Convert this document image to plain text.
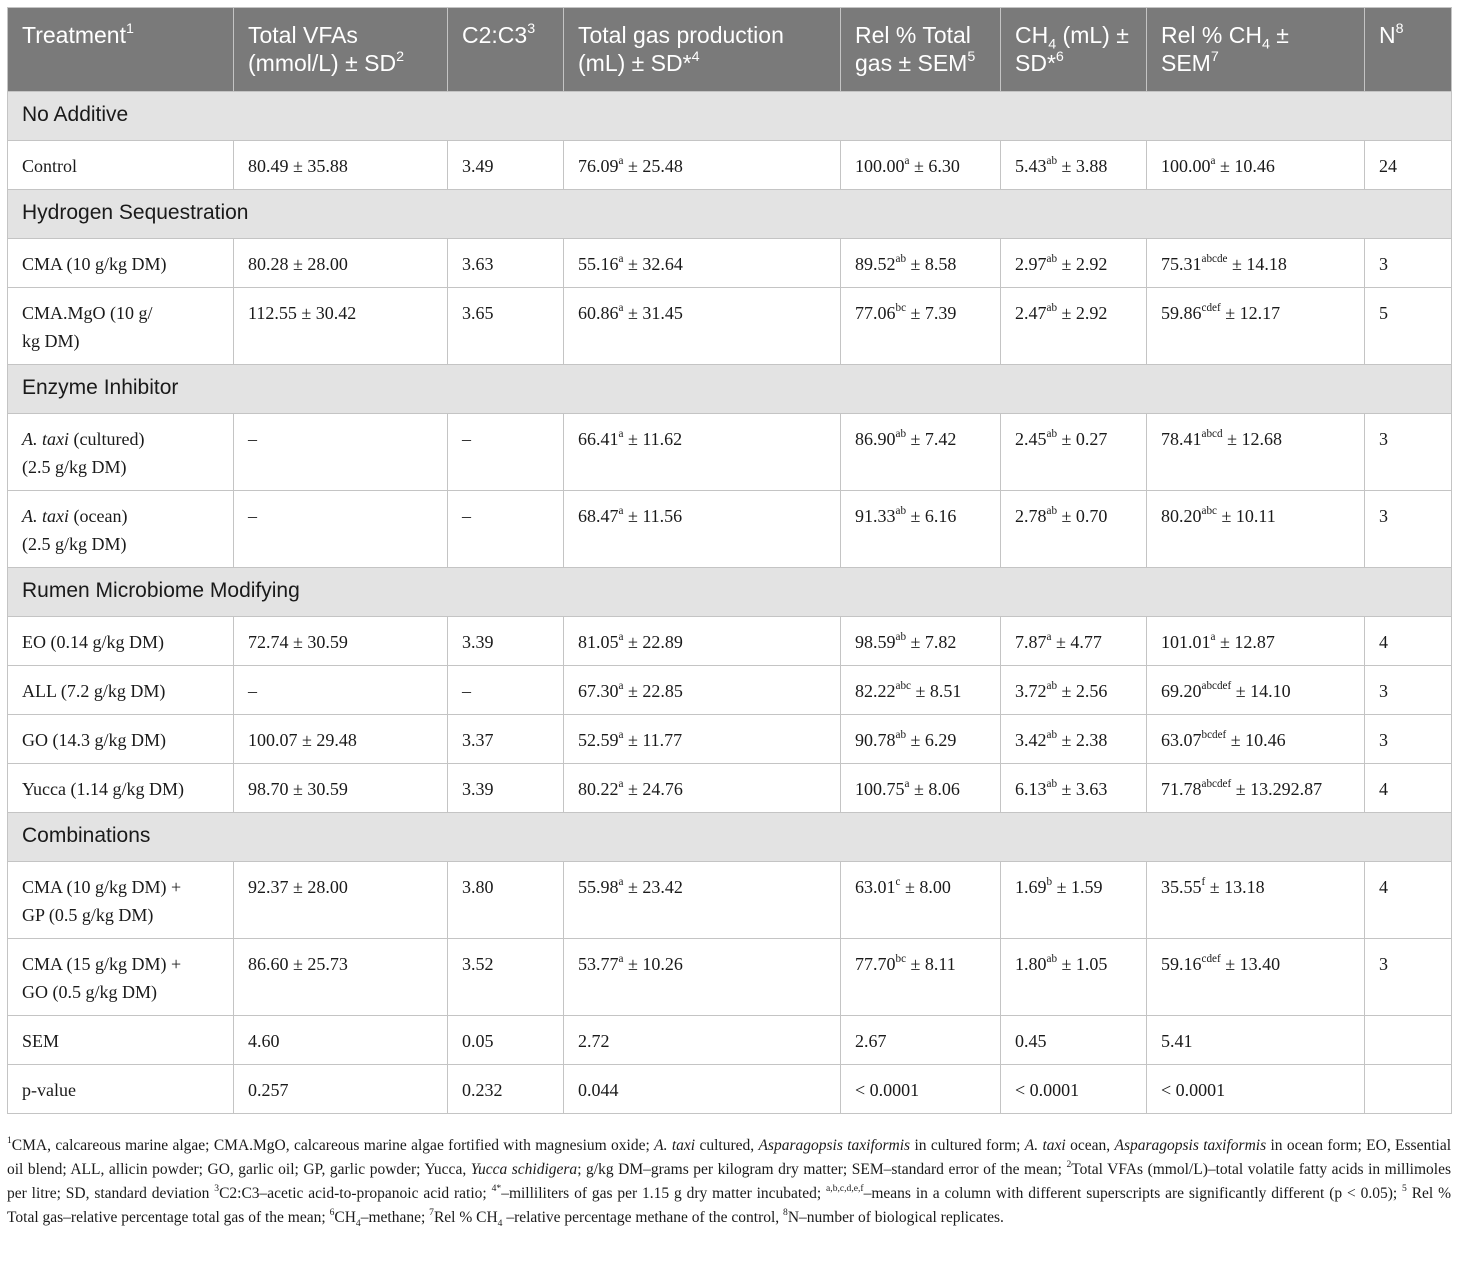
Treatment$^1$	Total VFAs (mmol/L) ± $SD^2$	$C2:C3^3$	Total gas production (mL) ± SD*$^4$	Rel % Total gas ± $SEM^5$	$CH_4$ (mL) ± SD*$^6$	Rel % $CH_4 \pm SEM^7$	$N^8$
No Additive							
Control	80.49 ± 35.88	3.49	76.09$^a$ ± 25.48	100.00$^a$ ± 6.30	5.43$^{ab}$ ± 3.88	100.00$^a$ ± 10.46	24
Hydrogen Sequestration							
CMA (10 g/kg DM)	80.28 ± 28.00	3.63	55.16$^a$ ± 32.64	89.52$^{ab}$ ± 8.58	2.97$^{ab}$ ± 2.92	$75.31^{abcde} \pm 14.18$	3
CMA.MgO (10 g/
kg DM)	112.55 ± 30.42	3.65	60.86$^a$ ± 31.45	77.06$^{bc}$ ± 7.39	2.47$^{ab}$ ± 2.92	$59.86^{cdef} \pm 12.17$	5
Enzyme Inhibitor							
A. taxi (cultured)
(2.5 g/kg DM)	–	–	66.41$^a$ ± 11.62	86.90$^{ab}$ ± 7.42	2.45$^{ab}$ ± 0.27	$78.41^{abcd} \pm 12.68$	3
A. taxi (ocean)
(2.5 g/kg DM)	–	–	68.47$^a$ ± 11.56	91.33$^{ab}$ ± 6.16	2.78$^{ab}$ ± 0.70	80.20$^{abc}$ ± 10.11	3
Rumen Microbiome Modifying							
EO (0.14 g/kg DM)	72.74 ± 30.59	3.39	81.05$^a$ ± 22.89	98.59$^{ab}$ ± 7.82	7.87$^a$ ± 4.77	101.01$^a$ ± 12.87	4
ALL (7.2 g/kg DM)	–	–	67.30$^a$ ± 22.85	82.22$^{abc}$ ± 8.51	3.72$^{ab}$ ± 2.56	$69.20^{abcdef} \pm 14.10$	3
GO (14.3 g/kg DM)	100.07 ± 29.48	3.37	52.59$^a$ ± 11.77	90.78$^{ab}$ ± 6.29	3.42$^{ab}$ ± 2.38	$63.07^{bcdef} \pm 10.46$	3
Yucca (1.14 g/kg DM)	98.70 ± 30.59	3.39	80.22$^a$ ± 24.76	100.75$^a$ ± 8.06	6.13$^{ab}$ ± 3.63	$71.78^{abcdef} \pm 13.292.87$	4
Combinations							
CMA (10 g/kg DM) +
GP (0.5 g/kg DM)	92.37 ± 28.00	3.80	55.98$^a$ ± 23.42	63.01$^c$ ± 8.00	1.69$^b$ ± 1.59	35.55$^f$ ± 13.18	4
CMA (15 g/kg DM) +
GO (0.5 g/kg DM)	86.60 ± 25.73	3.52	53.77$^a$ ± 10.26	77.70$^{bc}$ ± 8.11	1.80$^{ab}$ ± 1.05	$59.16^{cdef} \pm 13.40$	3
SEM	4.60	0.05	2.72	2.67	0.45	5.41	
p-value	0.257	0.232	0.044	< 0.0001	< 0.0001	< 0.0001	
$^1$CMA, calcareous marine algae; CMA.MgO, calcareous marine algae fortified with magnesium oxide; A. taxi cultured, Asparagopsis taxiformis in cultured form; A. taxi ocean, Asparagopsis taxiformis in ocean form; EO, Essential oil blend; ALL, allicin powder; GO, garlic oil; GP, garlic powder; Yucca, Yucca schidigera; g/kg DM–grams per kilogram dry matter; SEM–standard error of the mean; $^2$Total VFAs (mmol/L)–total volatile fatty acids in millimoles per litre; SD, standard deviation $^3$C2:C3–acetic acid-to-propanoic acid ratio; $^{4*}$–milliliters of gas per 1.15 g dry matter incubated; $^{a,b,c,d,e,f}$–means in a column with different superscripts are significantly different (p < 0.05); $^5$ Rel % Total gas–relative percentage total gas of the mean; $^6CH_4$–methane; $^7$Rel % $CH_4$ –relative percentage methane of the control, $^8$N–number of biological replicates.
